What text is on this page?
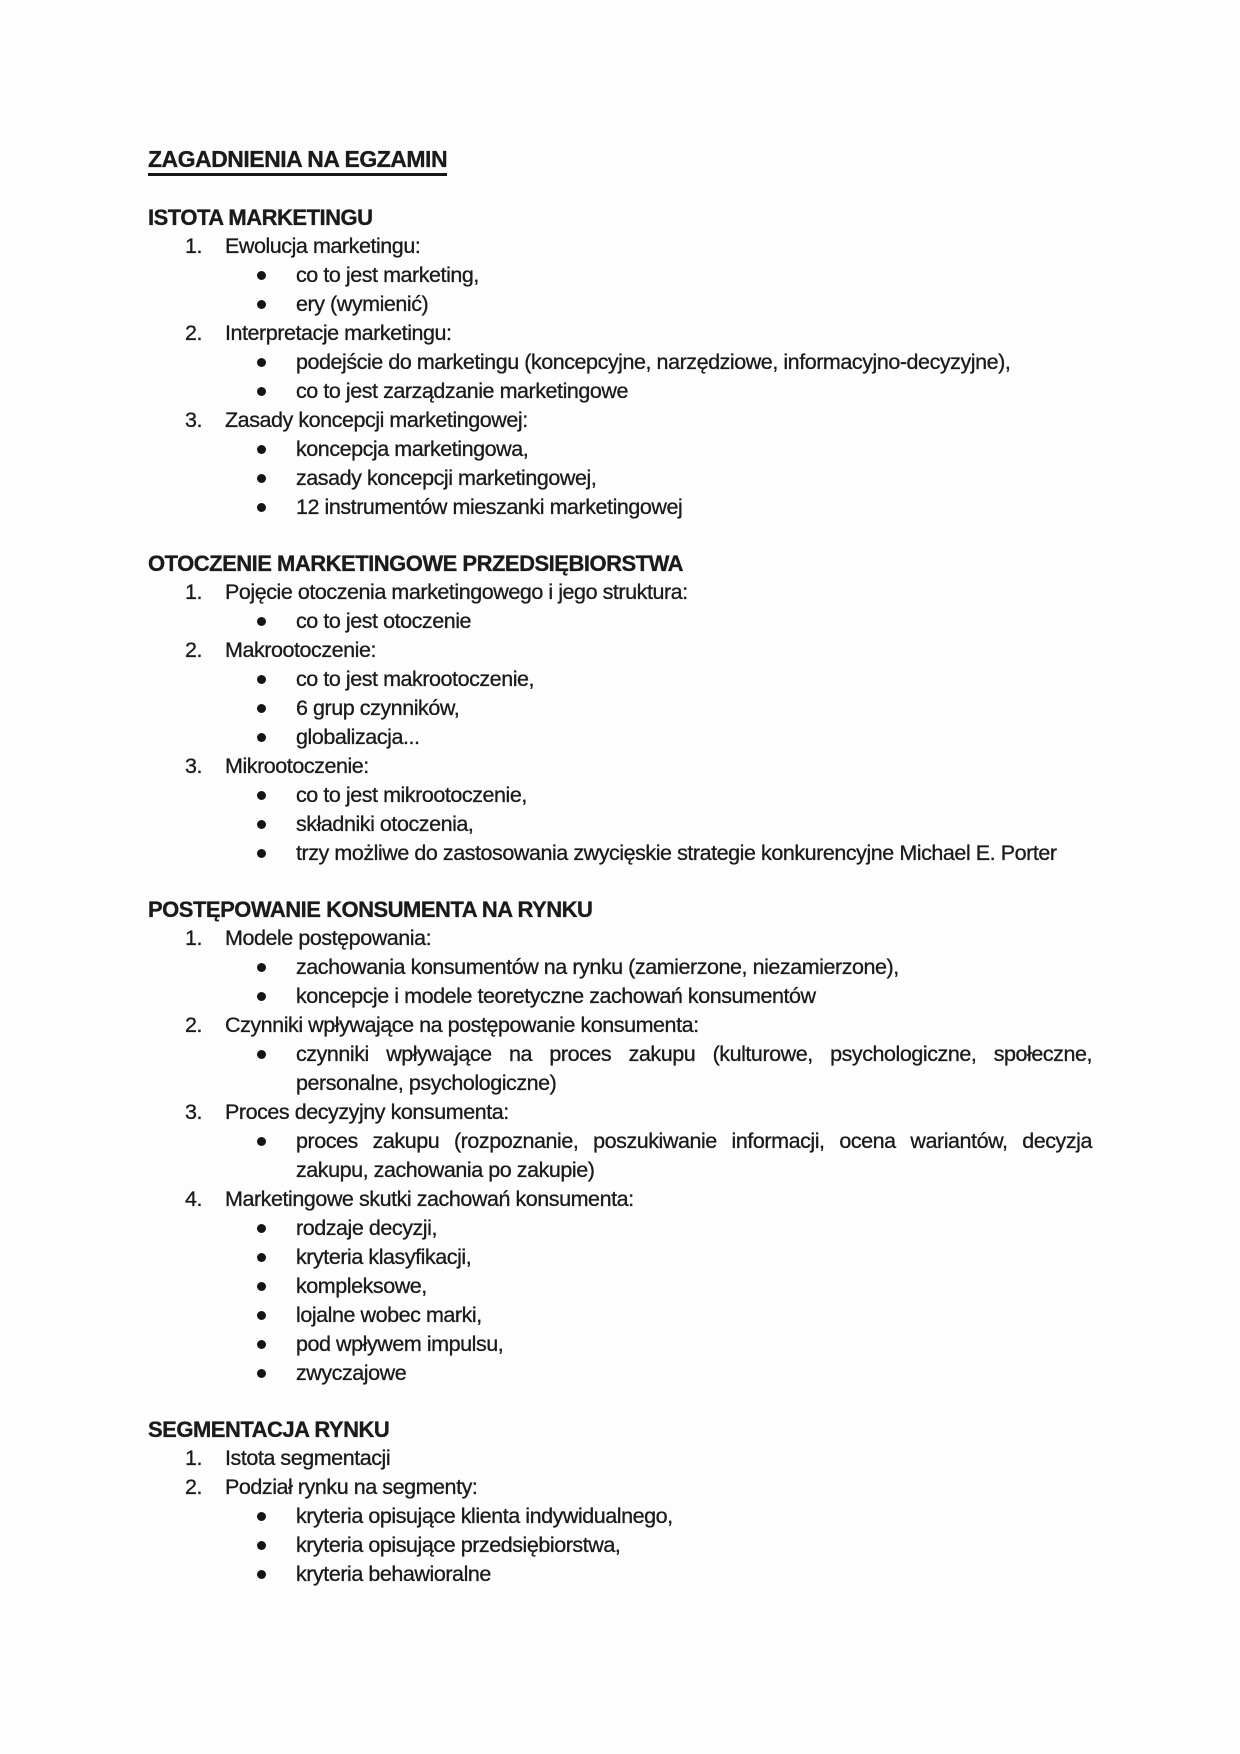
ZAGADNIENIA NA EGZAMIN
ISTOTA MARKETINGU
1.	Ewolucja marketingu:
co to jest marketing,
ery (wymienić)
2.	Interpretacje marketingu:
podejście do marketingu (koncepcyjne, narzędziowe, informacyjno-decyzyjne),
co to jest zarządzanie marketingowe
3.	Zasady koncepcji marketingowej:
koncepcja marketingowa,
zasady koncepcji marketingowej,
12 instrumentów mieszanki marketingowej
OTOCZENIE MARKETINGOWE PRZEDSIĘBIORSTWA
1.	Pojęcie otoczenia marketingowego i jego struktura:
co to jest otoczenie
2.	Makrootoczenie:
co to jest makrootoczenie,
6 grup czynników,
globalizacja...
3.	Mikrootoczenie:
co to jest mikrootoczenie,
składniki otoczenia,
trzy możliwe do zastosowania zwycięskie strategie konkurencyjne Michael E. Porter
POSTĘPOWANIE KONSUMENTA NA RYNKU
1.	Modele postępowania:
zachowania konsumentów na rynku (zamierzone, niezamierzone),
koncepcje i modele teoretyczne zachowań konsumentów
2.	Czynniki wpływające na postępowanie konsumenta:
czynniki wpływające na proces zakupu (kulturowe, psychologiczne, społeczne, personalne, psychologiczne)
3.	Proces decyzyjny konsumenta:
proces zakupu (rozpoznanie, poszukiwanie informacji, ocena wariantów, decyzja zakupu, zachowania po zakupie)
4.	Marketingowe skutki zachowań konsumenta:
rodzaje decyzji,
kryteria klasyfikacji,
kompleksowe,
lojalne wobec marki,
pod wpływem impulsu,
zwyczajowe
SEGMENTACJA RYNKU
1.	Istota segmentacji
2.	Podział rynku na segmenty:
kryteria opisujące klienta indywidualnego,
kryteria opisujące przedsiębiorstwa,
kryteria behawioralne
